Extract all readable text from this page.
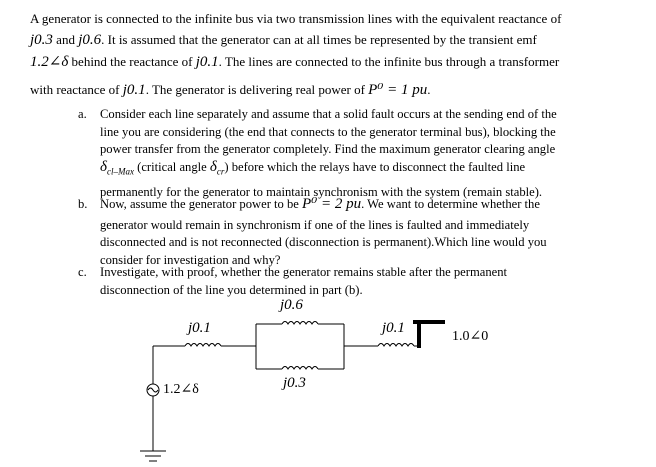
A generator is connected to the infinite bus via two transmission lines with the equivalent reactance of
j0.3 and j0.6. It is assumed that the generator can at all times be represented by the transient emf
1.2∠δ behind the reactance of j0.1. The lines are connected to the infinite bus through a transformer
with reactance of j0.1. The generator is delivering real power of P⁰ = 1 pu.
a. Consider each line separately and assume that a solid fault occurs at the sending end of the
line you are considering (the end that connects to the generator terminal bus), blocking the
power transfer from the generator completely. Find the maximum generator clearing angle
$\delta_{cl-Max}$ (critical angle $\delta_{cr}$) before which the relays have to disconnect the faulted line
permanently for the generator to maintain synchronism with the system (remain stable).
b. Now, assume the generator power to be P⁰ = 2 pu. We want to determine whether the
generator would remain in synchronism if one of the lines is faulted and immediately
disconnected and is not reconnected (disconnection is permanent).Which line would you
consider for investigation and why?
c. Investigate, with proof, whether the generator remains stable after the permanent
disconnection of the line you determined in part (b).
j0.6
j0.1	j0.1
1.0∠0
j0.3
1.2∠δ
